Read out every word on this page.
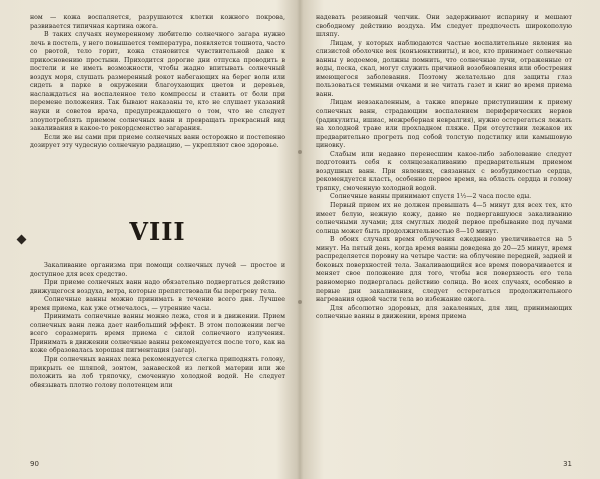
ном — кожа воспаляется, разрушаются клетки кожного покрова, развивается типичная картина ожога.

В таких случаях неумеренному любителю солнечного загара нужно лечь в постель, у него повышается температура, появляется тошнота, часто со рвотой, тело горит, кожа становится чувствительной даже к прикосновению простыни. Приходится дорогие дни отпуска проводить в постели и не иметь возможности, чтобы жадно впитывать солнечный воздух моря, слушать размеренный рокот набегающих на берег волн или сидеть в парке в окружении благоухающих цветов и деревьев, наслаждаться на воспаленное тело компрессы и ставить от боли при перемене положения. Так бывают наказаны те, кто не слушает указаний науки и советов врача, предупреждающего о том, что не следует злоупотреблять приемом солнечных ванн и превращать прекрасный вид закаливания в какое-то рекордсменство загарания.

Если же вы сами при приеме солнечных ванн осторожно и постепенно дозирует эту чудесную солнечную радиацию, — укрепляют свое здоровье.

VIII

Закаливание организма при помощи солнечных лучей — простое и доступное для всех средство.

При приеме солнечных ванн надо обязательно подвергаться действию движущегося воздуха, ветра, которые препятствовали бы перегреву тела.

Солнечные ванны можно принимать в течение всего дня. Лучшее время приема, как уже отмечалось, — утренние часы.

Принимать солнечные ванны можно лежа, стоя и в движении. Прием солнечных ванн лежа дает наибольший эффект. В этом положении легче всего соразмерить время приема с силой солнечного излучения. Принимать в движении солнечные ванны рекомендуется после того, как на коже образовалась хорошая пигментация (загар).

При солнечных ваннах лежа рекомендуется слегка приподнять голову, прикрыть ее шляпой, зонтом, занавеской из легкой материи или же положить на лоб тряпочку, смоченную холодной водой. Не следует обвязывать плотно голову полотенцем или

90

надевать резиновый чепчик. Они задерживают испарину и мешают свободному действию воздуха. Им следует предпочесть широкополую шляпу.

Лицам, у которых наблюдаются частые воспалительные явления на слизистой оболочке век (конъюнктивиты), и все, кто принимает солнечные ванны у водоемов, должны помнить, что солнечные лучи, отраженные от воды, песка, скал, могут служить причиной возобновления или обострения имеющегося заболевания. Поэтому желательно для защиты глаз пользоваться темными очками и не читать газет и книг во время приема ванн.

Лицам невзакаленным, а также впервые приступившим к приему солнечных ванн, страдающим воспалением периферических нервов (радикулиты, ишиас, межреберная невралгия), нужно остерегаться лежать на холодной траве или прохладном пляже. При отсутствии лежаков их предварительно прогреть под собой толстую подстилку или камышовую циновку.

Слабым или недавно перенесшим какое-либо заболевание следует подготовить себя к солнцезакаливанию предварительным приемом воздушных ванн. При явлениях, связанных с возбудимостью сердца, рекомендуется класть, особенно первое время, на область сердца и голову тряпку, смоченную холодной водой.

Солнечные ванны принимают спустя 1½—2 часа после еды.

Первый прием их не должен превышать 4—5 минут для всех тех, кто имеет белую, нежную кожу, давно не подвергавшуюся закаливанию солнечными лучами; для смуглых людей первое пребывание под лучами солнца может быть продолжительностью 8—10 минут.

В обоих случаях время облучения ежедневно увеличивается на 5 минут. На пятый день, когда время ванны доведена до 20—25 минут, время распределяется поровну на четыре части: на облучение передней, задней и боковых поверхностей тела. Закаливающийся все время поворачивается и меняет свое положение для того, чтобы вся поверхность его тела равномерно подвергалась действию солнца. Во всех случаях, особенно в первые дни закаливания, следует остерегаться продолжительного нагревания одной части тела во избежание ожога.

Для абсолютно здоровых, для закаленных, для лиц, принимающих солнечные ванны в движении, время приема

31
